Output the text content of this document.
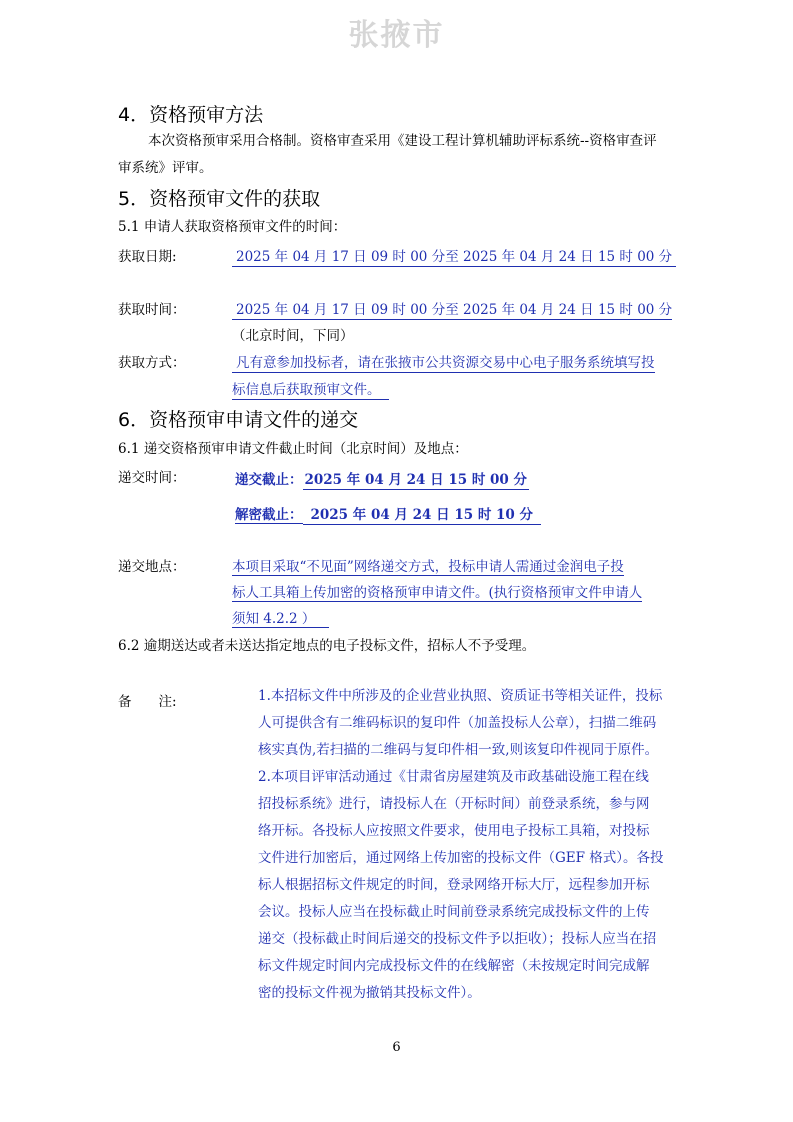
张掖市
4．资格预审方法
本次资格预审采用合格制。资格审查采用《建设工程计算机辅助评标系统--资格审查评
审系统》评审。
5．资格预审文件的获取
5.1 申请人获取资格预审文件的时间：
获取日期:	2025 年 04 月 17 日 09 时 00 分至 2025 年 04 月 24 日 15 时 00 分
获取时间：	2025 年 04 月 17 日 09 时 00 分至 2025 年 04 月 24 日 15 时 00 分
（北京时间，下同）
获取方式：	凡有意参加投标者，请在张掖市公共资源交易中心电子服务系统填写投
标信息后获取预审文件。
6．资格预审申请文件的递交
6.1 递交资格预审申请文件截止时间（北京时间）及地点：
递交时间：	递交截止： 2025 年 04 月 24 日 15 时 00 分
解密截止： 2025 年 04 月 24 日 15 时 10 分
递交地点：	本项目采取“不见面”网络递交方式，投标申请人需通过金润电子投
标人工具箱上传加密的资格预审申请文件。(执行资格预审文件申请人
须知 4.2.2 ）
6.2 逾期送达或者未送达指定地点的电子投标文件，招标人不予受理。
备　　注:	1.本招标文件中所涉及的企业营业执照、资质证书等相关证件，投标
人可提供含有二维码标识的复印件（加盖投标人公章），扫描二维码
核实真伪,若扫描的二维码与复印件相一致,则该复印件视同于原件。
2.本项目评审活动通过《甘肃省房屋建筑及市政基础设施工程在线
招投标系统》进行，请投标人在（开标时间）前登录系统，参与网
络开标。各投标人应按照文件要求，使用电子投标工具箱，对投标
文件进行加密后，通过网络上传加密的投标文件（GEF 格式）。各投
标人根据招标文件规定的时间，登录网络开标大厅，远程参加开标
会议。投标人应当在投标截止时间前登录系统完成投标文件的上传
递交（投标截止时间后递交的投标文件予以拒收）；投标人应当在招
标文件规定时间内完成投标文件的在线解密（未按规定时间完成解
密的投标文件视为撤销其投标文件）。
6
